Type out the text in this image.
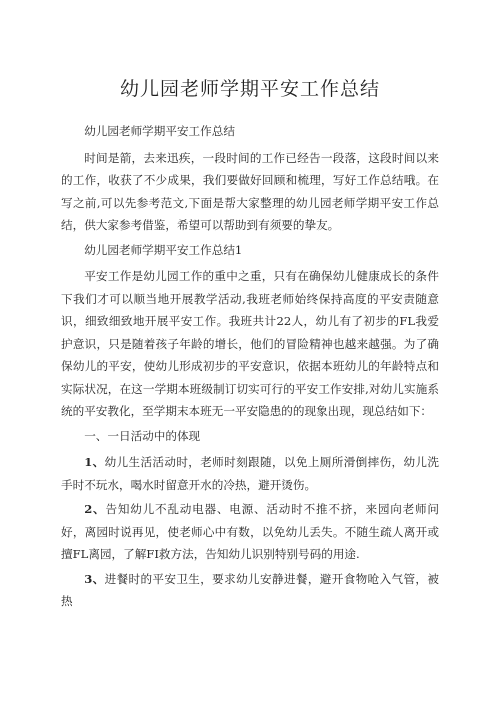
幼儿园老师学期平安工作总结

幼儿园老师学期平安工作总结

时间是箭，去来迅疾，一段时间的工作已经告一段落，这段时间以来的工作，收获了不少成果，我们要做好回顾和梳理，写好工作总结哦。在写之前,可以先参考范文,下面是帮大家整理的幼儿园老师学期平安工作总结，供大家参考借鉴，希望可以帮助到有须要的挚友。

幼儿园老师学期平安工作总结1

平安工作是幼儿园工作的重中之重，只有在确保幼儿健康成长的条件下我们才可以顺当地开展教学活动,我班老师始终保持高度的平安责随意识，细致细致地开展平安工作。我班共计22人，幼儿有了初步的FL我爱护意识，只是随着孩子年龄的增长，他们的冒险精神也越来越强。为了确保幼儿的平安，使幼儿形成初步的平安意识，依据本班幼儿的年龄特点和实际状况，在这一学期本班级制订切实可行的平安工作安排,对幼儿实施系统的平安教化，至学期末本班无一平安隐患的的现象出现，现总结如下：

一、一日活动中的体现

1、幼儿生活活动时，老师时刻跟随，以免上厕所滑倒摔伤，幼儿洗手时不玩水，喝水时留意开水的冷热，避开烫伤。

2、告知幼儿不乱动电器、电源、活动时不推不挤，来园向老师问好，离园时说再见，使老师心中有数，以免幼儿丢失。不随生疏人离开或擅FL离园，了解FI救方法，告知幼儿识别特别号码的用途.

3、进餐时的平安卫生，要求幼儿安静进餐，避开食物呛入气管，被热
